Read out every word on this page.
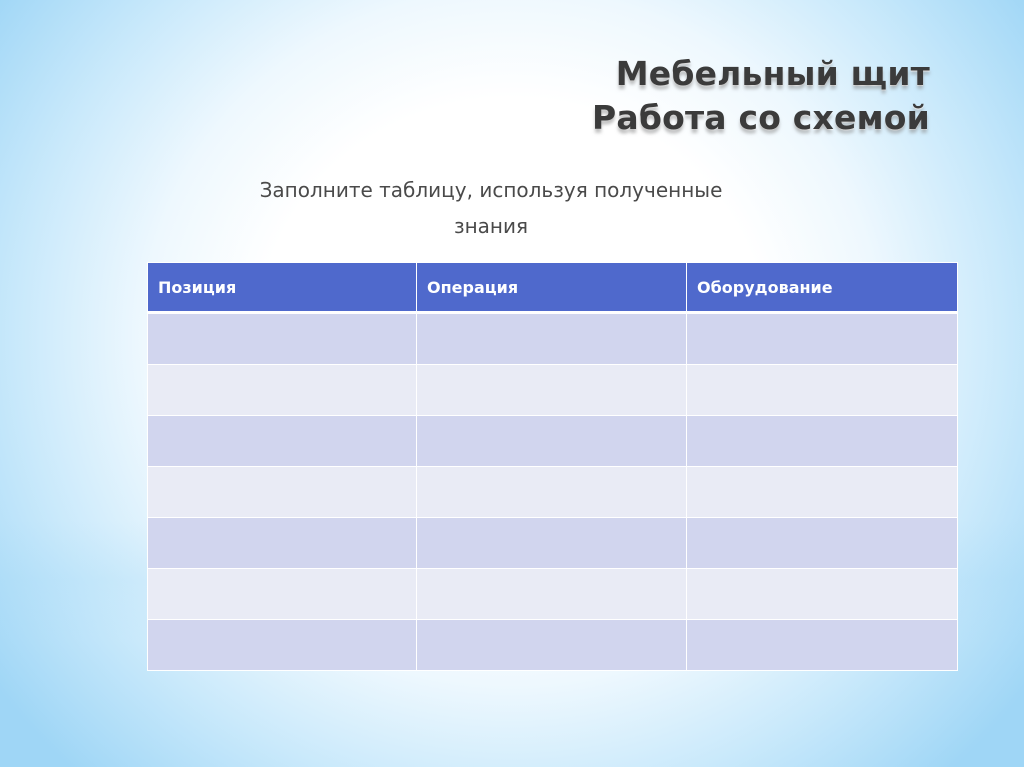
Мебельный щит
Работа со схемой
Заполните таблицу, используя полученные
знания
Позиция	Операция	Оборудование
